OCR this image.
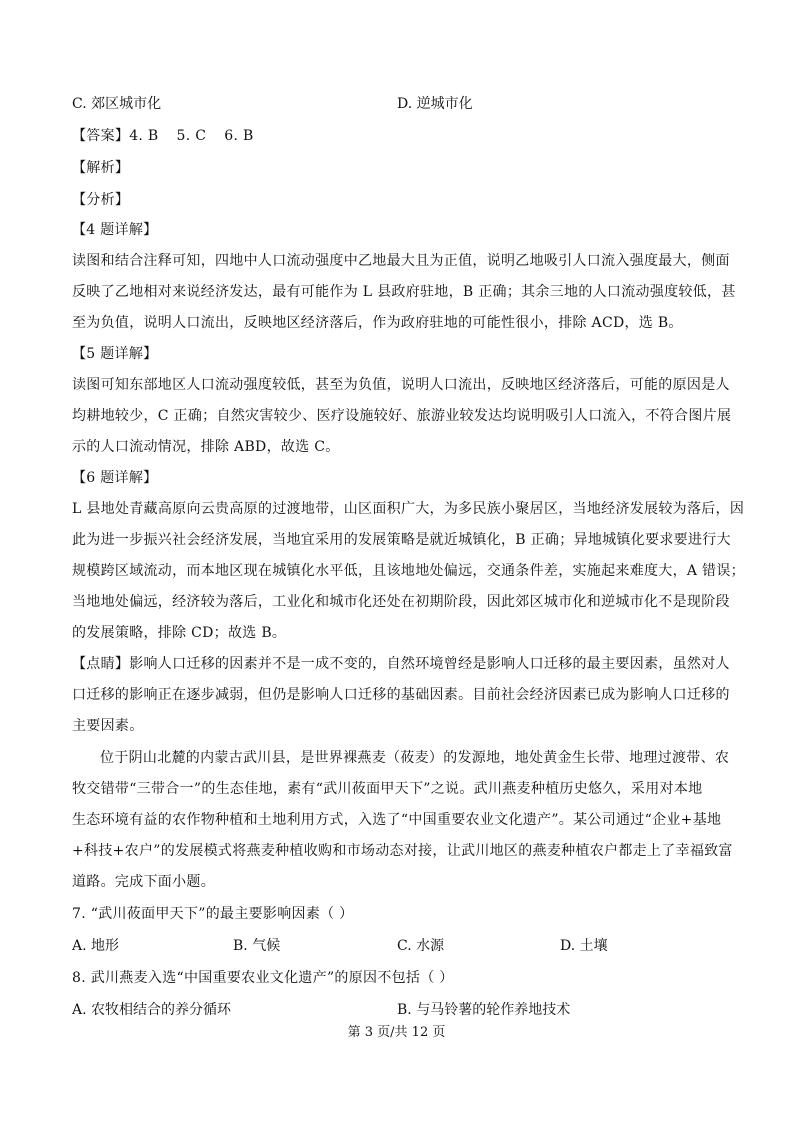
C. 郊区城市化	D. 逆城市化
【答案】4. B 5. C 6. B
【解析】
【分析】
【4 题详解】
读图和结合注释可知，四地中人口流动强度中乙地最大且为正值，说明乙地吸引人口流入强度最大，侧面
反映了乙地相对来说经济发达，最有可能作为 L 县政府驻地，B 正确；其余三地的人口流动强度较低，甚
至为负值，说明人口流出，反映地区经济落后，作为政府驻地的可能性很小，排除 ACD，选 B。
【5 题详解】
读图可知东部地区人口流动强度较低，甚至为负值，说明人口流出，反映地区经济落后，可能的原因是人
均耕地较少，C 正确；自然灾害较少、医疗设施较好、旅游业较发达均说明吸引人口流入，不符合图片展
示的人口流动情况，排除 ABD，故选 C。
【6 题详解】
L 县地处青藏高原向云贵高原的过渡地带，山区面积广大，为多民族小聚居区，当地经济发展较为落后，因
此为进一步振兴社会经济发展，当地宜采用的发展策略是就近城镇化，B 正确；异地城镇化要求要进行大
规模跨区域流动，而本地区现在城镇化水平低，且该地地处偏远，交通条件差，实施起来难度大，A 错误；
当地地处偏远，经济较为落后，工业化和城市化还处在初期阶段，因此郊区城市化和逆城市化不是现阶段
的发展策略，排除 CD；故选 B。
【点睛】影响人口迁移的因素并不是一成不变的，自然环境曾经是影响人口迁移的最主要因素，虽然对人
口迁移的影响正在逐步减弱，但仍是影响人口迁移的基础因素。目前社会经济因素已成为影响人口迁移的
主要因素。
位于阴山北麓的内蒙古武川县，是世界裸燕麦（莜麦）的发源地，地处黄金生长带、地理过渡带、农
牧交错带“三带合一”的生态佳地，素有“武川莜面甲天下”之说。武川燕麦种植历史悠久，采用对本地
生态环境有益的农作物种植和土地利用方式，入选了“中国重要农业文化遗产”。某公司通过“企业+基地
+科技+农户”的发展模式将燕麦种植收购和市场动态对接，让武川地区的燕麦种植农户都走上了幸福致富
道路。完成下面小题。
7. “武川莜面甲天下”的最主要影响因素（ ）
A. 地形	B. 气候	C. 水源	D. 土壤
8. 武川燕麦入选“中国重要农业文化遗产”的原因不包括（ ）
A. 农牧相结合的养分循环	B. 与马铃薯的轮作养地技术
第 3 页/共 12 页
